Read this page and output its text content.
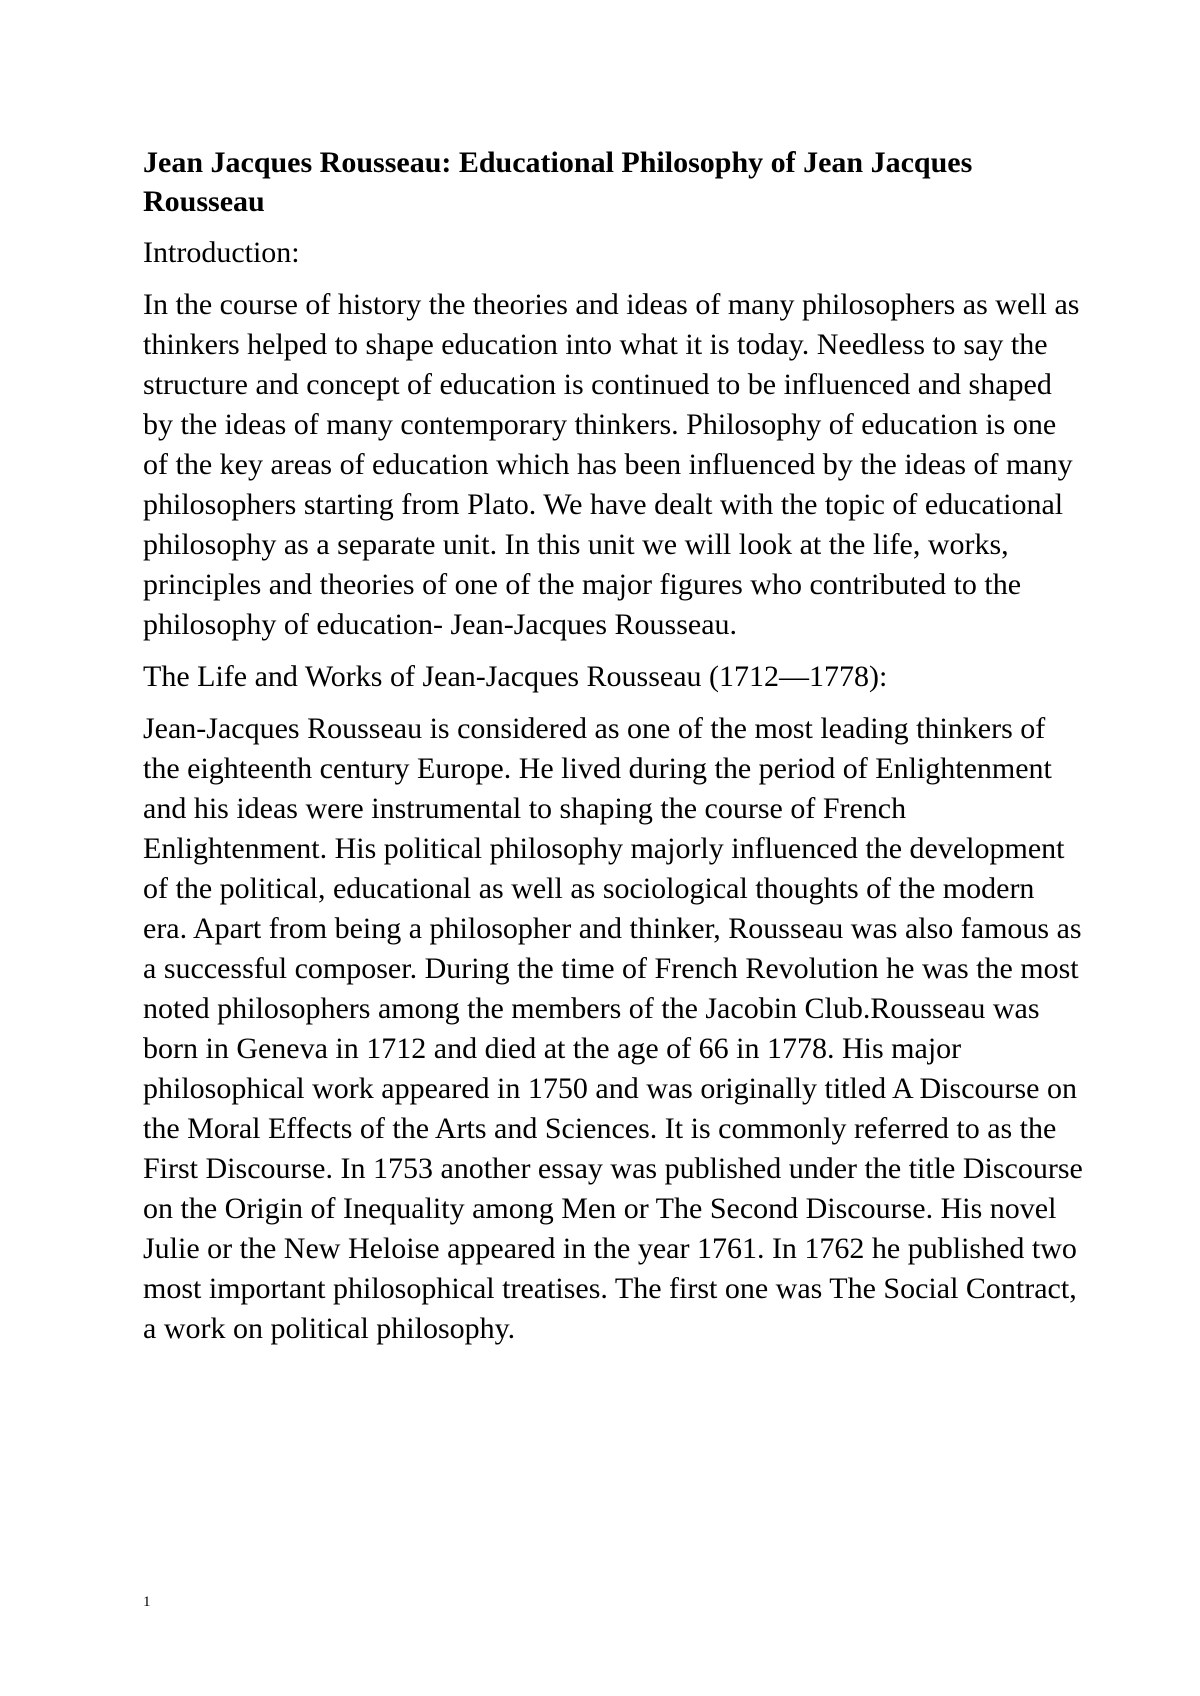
Jean Jacques Rousseau: Educational Philosophy of Jean Jacques Rousseau

Introduction:

In the course of history the theories and ideas of many philosophers as well as thinkers helped to shape education into what it is today. Needless to say the structure and concept of education is continued to be influenced and shaped by the ideas of many contemporary thinkers. Philosophy of education is one of the key areas of education which has been influenced by the ideas of many philosophers starting from Plato. We have dealt with the topic of educational philosophy as a separate unit. In this unit we will look at the life, works, principles and theories of one of the major figures who contributed to the philosophy of education- Jean-Jacques Rousseau.

The Life and Works of Jean-Jacques Rousseau (1712—1778):

Jean-Jacques Rousseau is considered as one of the most leading thinkers of the eighteenth century Europe. He lived during the period of Enlightenment and his ideas were instrumental to shaping the course of French Enlightenment. His political philosophy majorly influenced the development of the political, educational as well as sociological thoughts of the modern era. Apart from being a philosopher and thinker, Rousseau was also famous as a successful composer. During the time of French Revolution he was the most noted philosophers among the members of the Jacobin Club.Rousseau was born in Geneva in 1712 and died at the age of 66 in 1778. His major philosophical work appeared in 1750 and was originally titled A Discourse on the Moral Effects of the Arts and Sciences. It is commonly referred to as the First Discourse. In 1753 another essay was published under the title Discourse on the Origin of Inequality among Men or The Second Discourse. His novel Julie or the New Heloise appeared in the year 1761. In 1762 he published two most important philosophical treatises. The first one was The Social Contract, a work on political philosophy.

1
